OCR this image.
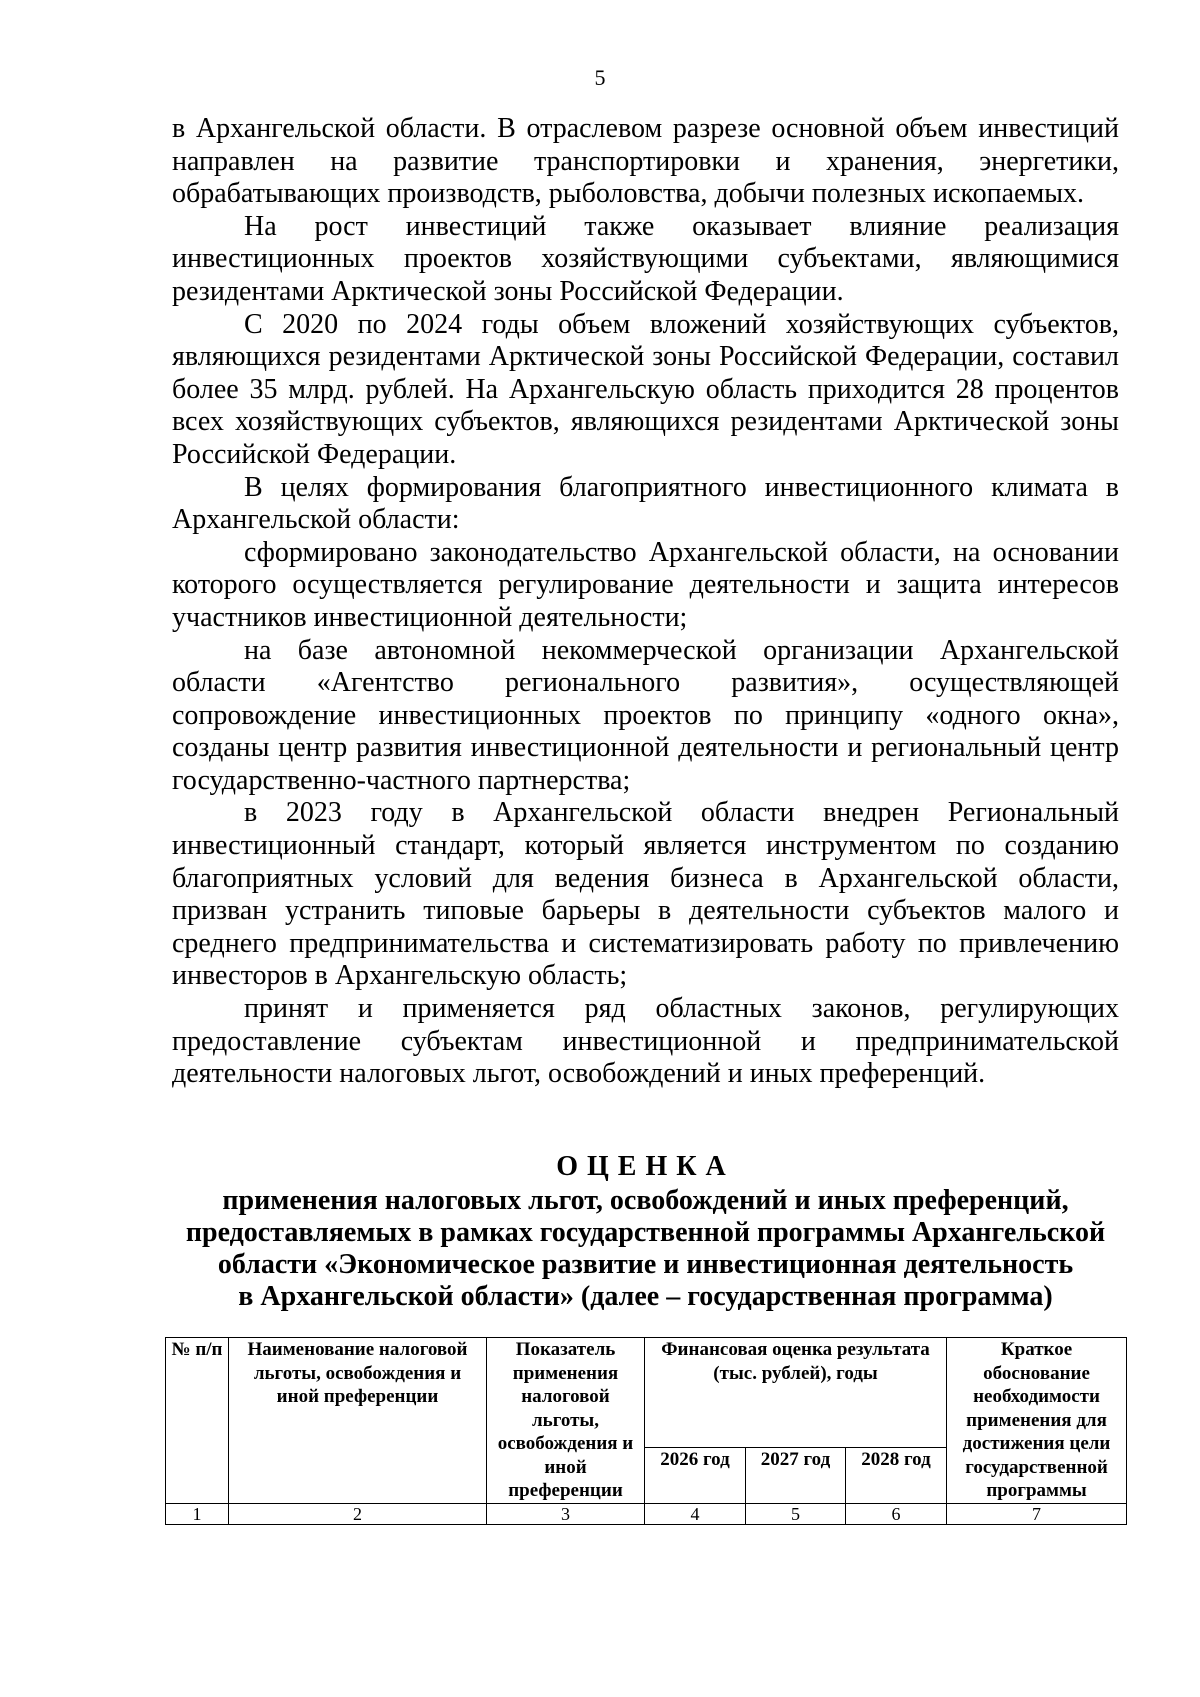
5

в Архангельской области. В отраслевом разрезе основной объем инвестиций направлен на развитие транспортировки и хранения, энергетики, обрабатывающих производств, рыболовства, добычи полезных ископаемых.

На рост инвестиций также оказывает влияние реализация инвестиционных проектов хозяйствующими субъектами, являющимися резидентами Арктической зоны Российской Федерации.

С 2020 по 2024 годы объем вложений хозяйствующих субъектов, являющихся резидентами Арктической зоны Российской Федерации, составил более 35 млрд. рублей. На Архангельскую область приходится 28 процентов всех хозяйствующих субъектов, являющихся резидентами Арктической зоны Российской Федерации.

В целях формирования благоприятного инвестиционного климата в Архангельской области:

сформировано законодательство Архангельской области, на основании которого осуществляется регулирование деятельности и защита интересов участников инвестиционной деятельности;

на базе автономной некоммерческой организации Архангельской области «Агентство регионального развития», осуществляющей сопровождение инвестиционных проектов по принципу «одного окна», созданы центр развития инвестиционной деятельности и региональный центр государственно-частного партнерства;

в 2023 году в Архангельской области внедрен Региональный инвестиционный стандарт, который является инструментом по созданию благоприятных условий для ведения бизнеса в Архангельской области, призван устранить типовые барьеры в деятельности субъектов малого и среднего предпринимательства и систематизировать работу по привлечению инвесторов в Архангельскую область;

принят и применяется ряд областных законов, регулирующих предоставление субъектам инвестиционной и предпринимательской деятельности налоговых льгот, освобождений и иных преференций.

ОЦЕНКА
применения налоговых льгот, освобождений и иных преференций,
предоставляемых в рамках государственной программы Архангельской
области «Экономическое развитие и инвестиционная деятельность
в Архангельской области» (далее – государственная программа)
№ п/п	Наименование налоговой льготы, освобождения и иной преференции	Показатель применения налоговой льготы, освобождения и иной преференции	Финансовая оценка результата (тыс. рублей), годы			Краткое обоснование необходимости применения для достижения цели государственной программы
			2026 год	2027 год	2028 год	
1	2	3	4	5	6	7
